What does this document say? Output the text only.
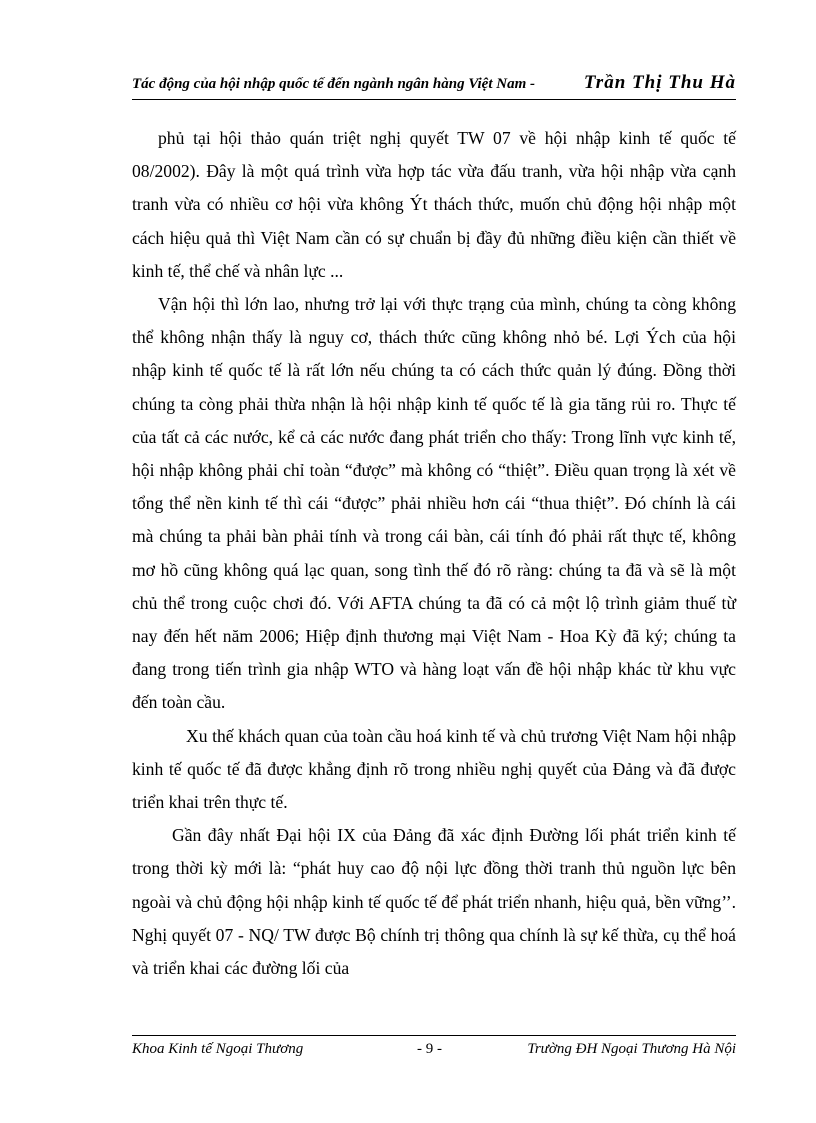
Tác động của hội nhập quốc tế đến ngành ngân hàng Việt Nam -	Trần Thị Thu Hà

phủ tại hội thảo quán triệt nghị quyết TW 07 về hội nhập kinh tế quốc tế 08/2002). Đây là một quá trình vừa hợp tác vừa đấu tranh, vừa hội nhập vừa cạnh tranh vừa có nhiều cơ hội vừa không Ýt thách thức, muốn chủ động hội nhập một cách hiệu quả thì Việt Nam cần có sự chuẩn bị đầy đủ những điều kiện cần thiết về kinh tế, thể chế và nhân lực ...

Vận hội thì lớn lao, nhưng trở lại với thực trạng của mình, chúng ta còng không thể không nhận thấy là nguy cơ, thách thức cũng không nhỏ bé. Lợi Ých của hội nhập kinh tế quốc tế là rất lớn nếu chúng ta có cách thức quản lý đúng. Đồng thời chúng ta còng phải thừa nhận là hội nhập kinh tế quốc tế là gia tăng rủi ro. Thực tế của tất cả các nước, kể cả các nước đang phát triển cho thấy: Trong lĩnh vực kinh tế, hội nhập không phải chỉ toàn “được” mà không có “thiệt”. Điều quan trọng là xét về tổng thể nền kinh tế thì cái “được” phải nhiều hơn cái “thua thiệt”. Đó chính là cái mà chúng ta phải bàn phải tính và trong cái bàn, cái tính đó phải rất thực tế, không mơ hồ cũng không quá lạc quan, song tình thế đó rõ ràng: chúng ta đã và sẽ là một chủ thể trong cuộc chơi đó. Với AFTA chúng ta đã có cả một lộ trình giảm thuế từ nay đến hết năm 2006; Hiệp định thương mại Việt Nam - Hoa Kỳ đã ký; chúng ta đang trong tiến trình gia nhập WTO và hàng loạt vấn đề hội nhập khác từ khu vực đến toàn cầu.

Xu thế khách quan của toàn cầu hoá kinh tế và chủ trương Việt Nam hội nhập kinh tế quốc tế đã được khẳng định rõ trong nhiều nghị quyết của Đảng và đã được triển khai trên thực tế.

Gần đây nhất Đại hội IX của Đảng đã xác định Đường lối phát triển kinh tế trong thời kỳ mới là: “phát huy cao độ nội lực đồng thời tranh thủ nguồn lực bên ngoài và chủ động hội nhập kinh tế quốc tế để phát triển nhanh, hiệu quả, bền vững’’. Nghị quyết 07 - NQ/ TW được Bộ chính trị thông qua chính là sự kế thừa, cụ thể hoá và triển khai các đường lối của

Khoa Kinh tế Ngoại Thương	- 9 -	Trường ĐH Ngoại Thương Hà Nội
